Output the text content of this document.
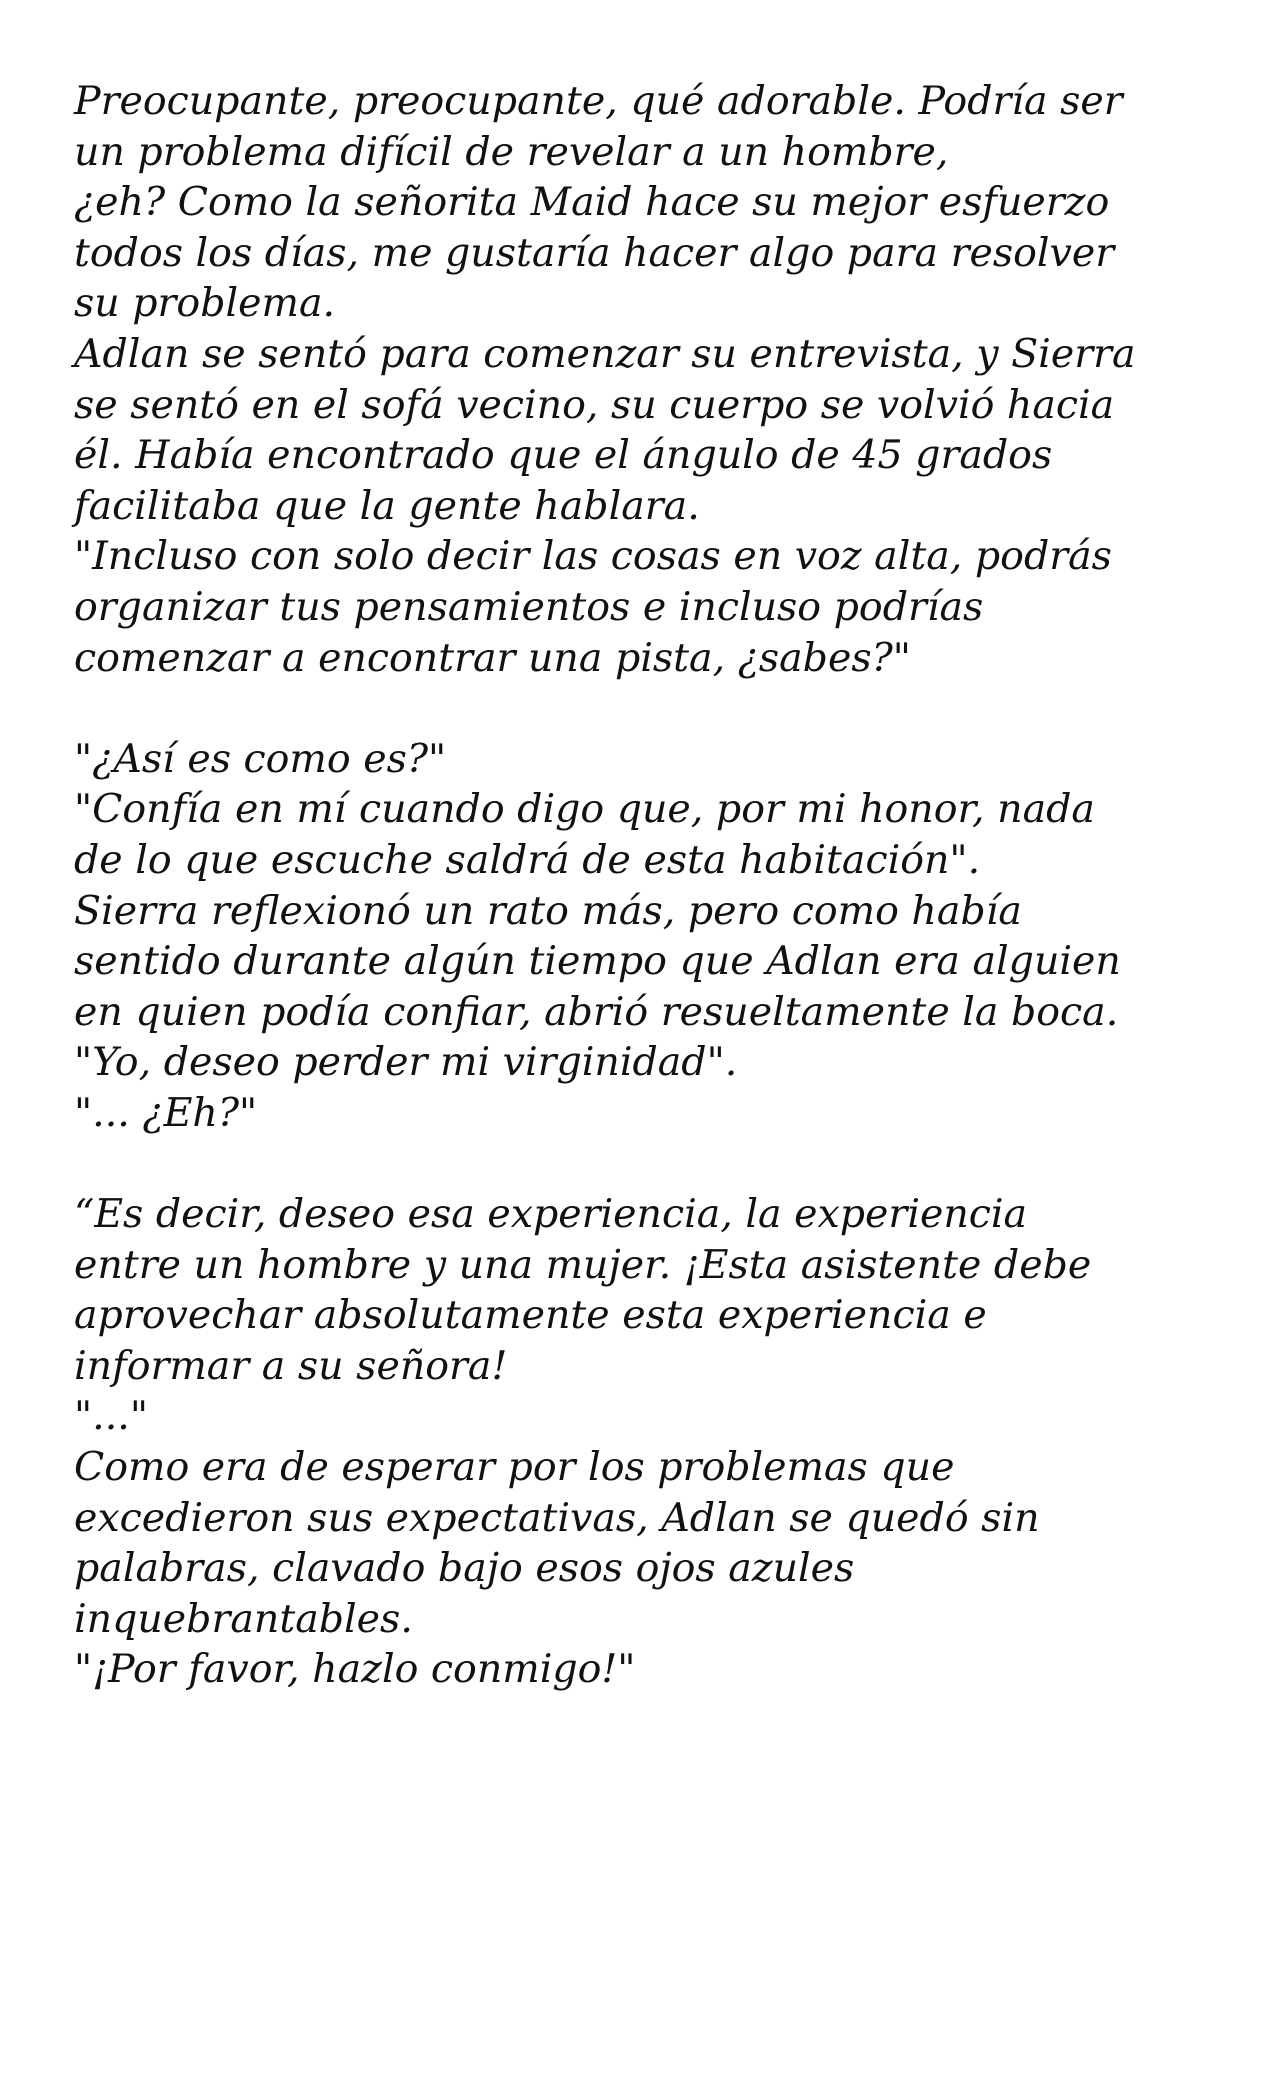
Preocupante, preocupante, qué adorable. Podría ser
un problema difícil de revelar a un hombre,
¿eh? Como la señorita Maid hace su mejor esfuerzo
todos los días, me gustaría hacer algo para resolver
su problema.
Adlan se sentó para comenzar su entrevista, y Sierra
se sentó en el sofá vecino, su cuerpo se volvió hacia
él. Había encontrado que el ángulo de 45 grados
facilitaba que la gente hablara.
"Incluso con solo decir las cosas en voz alta, podrás
organizar tus pensamientos e incluso podrías
comenzar a encontrar una pista, ¿sabes?"
"¿Así es como es?"
"Confía en mí cuando digo que, por mi honor, nada
de lo que escuche saldrá de esta habitación".
Sierra reflexionó un rato más, pero como había
sentido durante algún tiempo que Adlan era alguien
en quien podía confiar, abrió resueltamente la boca.
"Yo, deseo perder mi virginidad".
"... ¿Eh?"
“Es decir, deseo esa experiencia, la experiencia
entre un hombre y una mujer. ¡Esta asistente debe
aprovechar absolutamente esta experiencia e
informar a su señora!
"..."
Como era de esperar por los problemas que
excedieron sus expectativas, Adlan se quedó sin
palabras, clavado bajo esos ojos azules
inquebrantables.
"¡Por favor, hazlo conmigo!"
